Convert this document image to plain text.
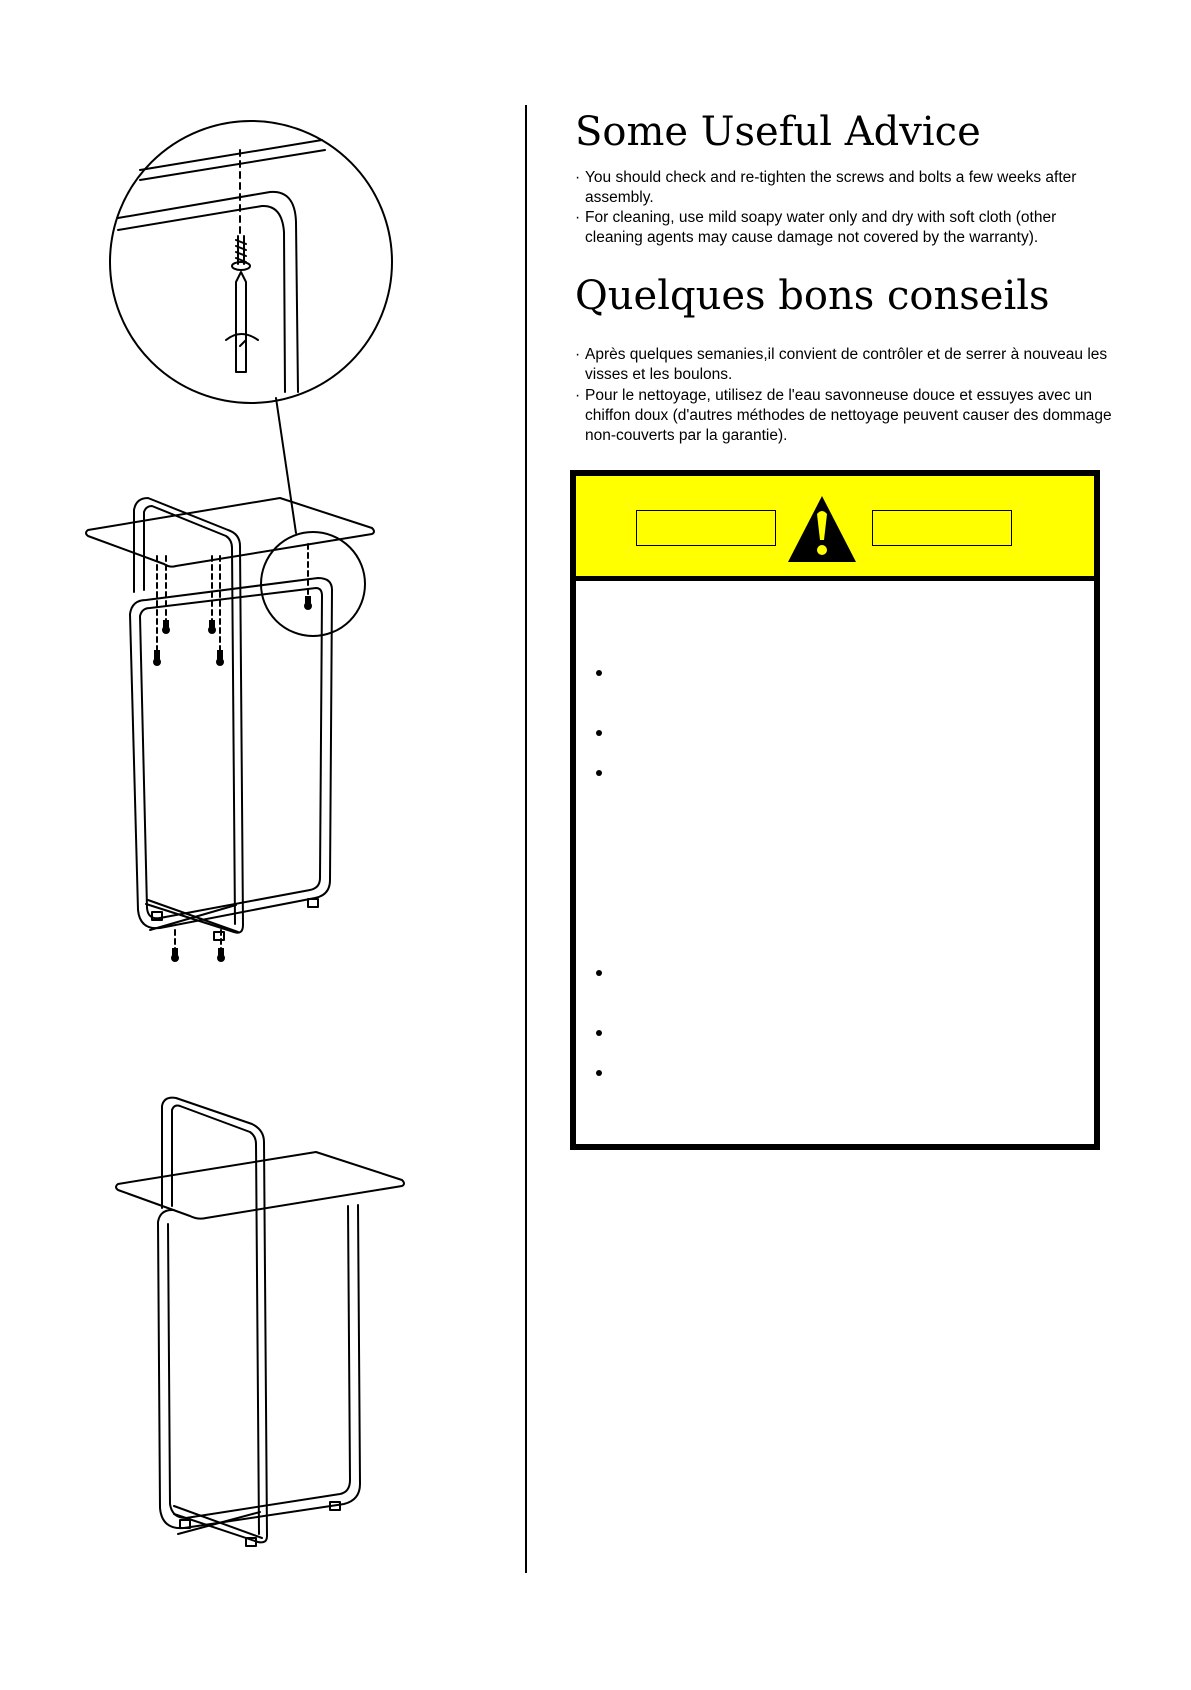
Some Useful Advice
· You should check and re-tighten the screws and bolts a few weeks after assembly.
· For cleaning, use mild soapy water only and dry with soft cloth (other cleaning agents may cause damage not covered by the warranty).
Quelques bons conseils
· Après quelques semanies,il convient de contrôler et de serrer à nouveau les visses et les boulons.
· Pour le nettoyage, utilisez de l'eau savonneuse douce et essuyes avec un chiffon doux (d'autres méthodes de nettoyage peuvent causer des dommage non-couverts par la garantie).
